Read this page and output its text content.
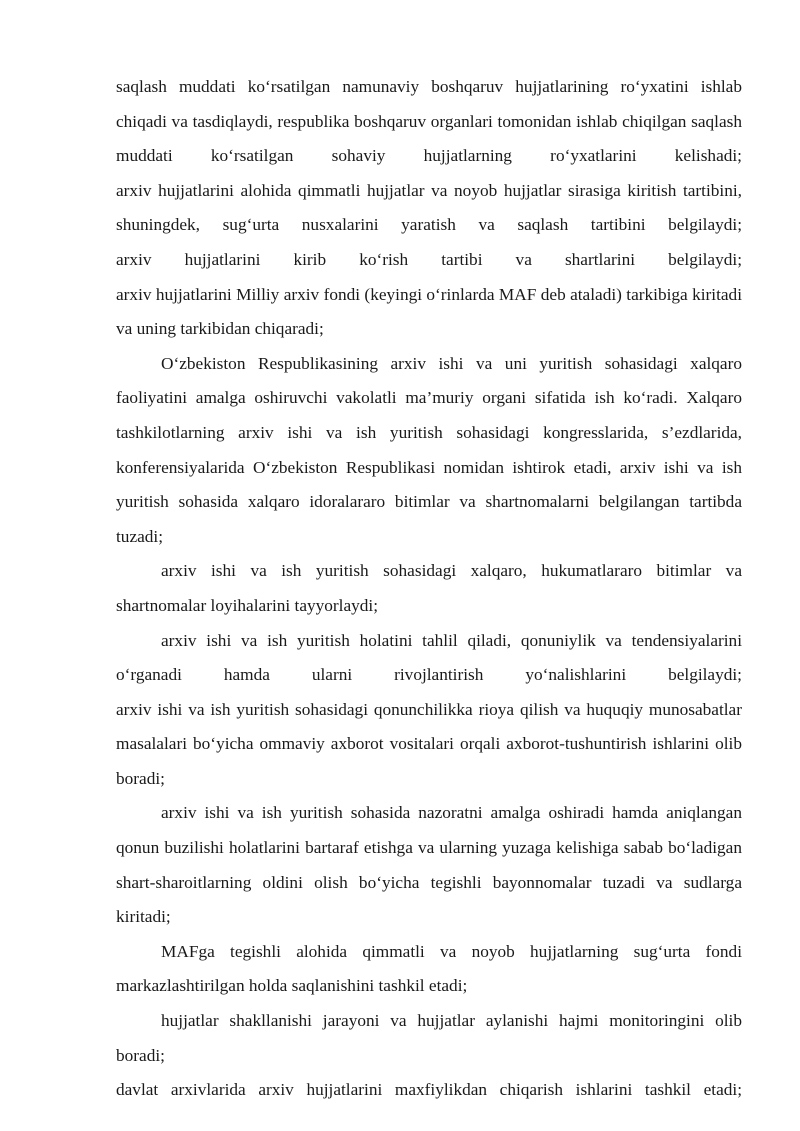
saqlash muddati ko‘rsatilgan namunaviy boshqaruv hujjatlarining ro‘yxatini ishlab chiqadi va tasdiqlaydi, respublika boshqaruv organlari tomonidan ishlab chiqilgan saqlash muddati ko‘rsatilgan sohaviy hujjatlarning ro‘yxatlarini kelishadi;

arxiv hujjatlarini alohida qimmatli hujjatlar va noyob hujjatlar sirasiga kiritish tartibini, shuningdek, sug‘urta nusxalarini yaratish va saqlash tartibini belgilaydi;

arxiv hujjatlarini kirib ko‘rish tartibi va shartlarini belgilaydi;

arxiv hujjatlarini Milliy arxiv fondi (keyingi o‘rinlarda MAF deb ataladi) tarkibiga kiritadi va uning tarkibidan chiqaradi;

O‘zbekiston Respublikasining arxiv ishi va uni yuritish sohasidagi xalqaro faoliyatini amalga oshiruvchi vakolatli ma’muriy organi sifatida ish ko‘radi. Xalqaro tashkilotlarning arxiv ishi va ish yuritish sohasidagi kongresslarida, s’ezdlarida, konferensiyalarida O‘zbekiston Respublikasi nomidan ishtirok etadi, arxiv ishi va ish yuritish sohasida xalqaro idoralararo bitimlar va shartnomalarni belgilangan tartibda tuzadi;

arxiv ishi va ish yuritish sohasidagi xalqaro, hukumatlararo bitimlar va shartnomalar loyihalarini tayyorlaydi;

arxiv ishi va ish yuritish holatini tahlil qiladi, qonuniylik va tendensiyalarini o‘rganadi hamda ularni rivojlantirish yo‘nalishlarini belgilaydi;

arxiv ishi va ish yuritish sohasidagi qonunchilikka rioya qilish va huquqiy munosabatlar masalalari bo‘yicha ommaviy axborot vositalari orqali axborot-tushuntirish ishlarini olib boradi;

arxiv ishi va ish yuritish sohasida nazoratni amalga oshiradi hamda aniqlangan qonun buzilishi holatlarini bartaraf etishga va ularning yuzaga kelishiga sabab bo‘ladigan shart-sharoitlarning oldini olish bo‘yicha tegishli bayonnomalar tuzadi va sudlarga kiritadi;

MAFga tegishli alohida qimmatli va noyob hujjatlarning sug‘urta fondi markazlashtirilgan holda saqlanishini tashkil etadi;

hujjatlar shakllanishi jarayoni va hujjatlar aylanishi hajmi monitoringini olib boradi;

davlat arxivlarida arxiv hujjatlarini maxfiylikdan chiqarish ishlarini tashkil etadi;
